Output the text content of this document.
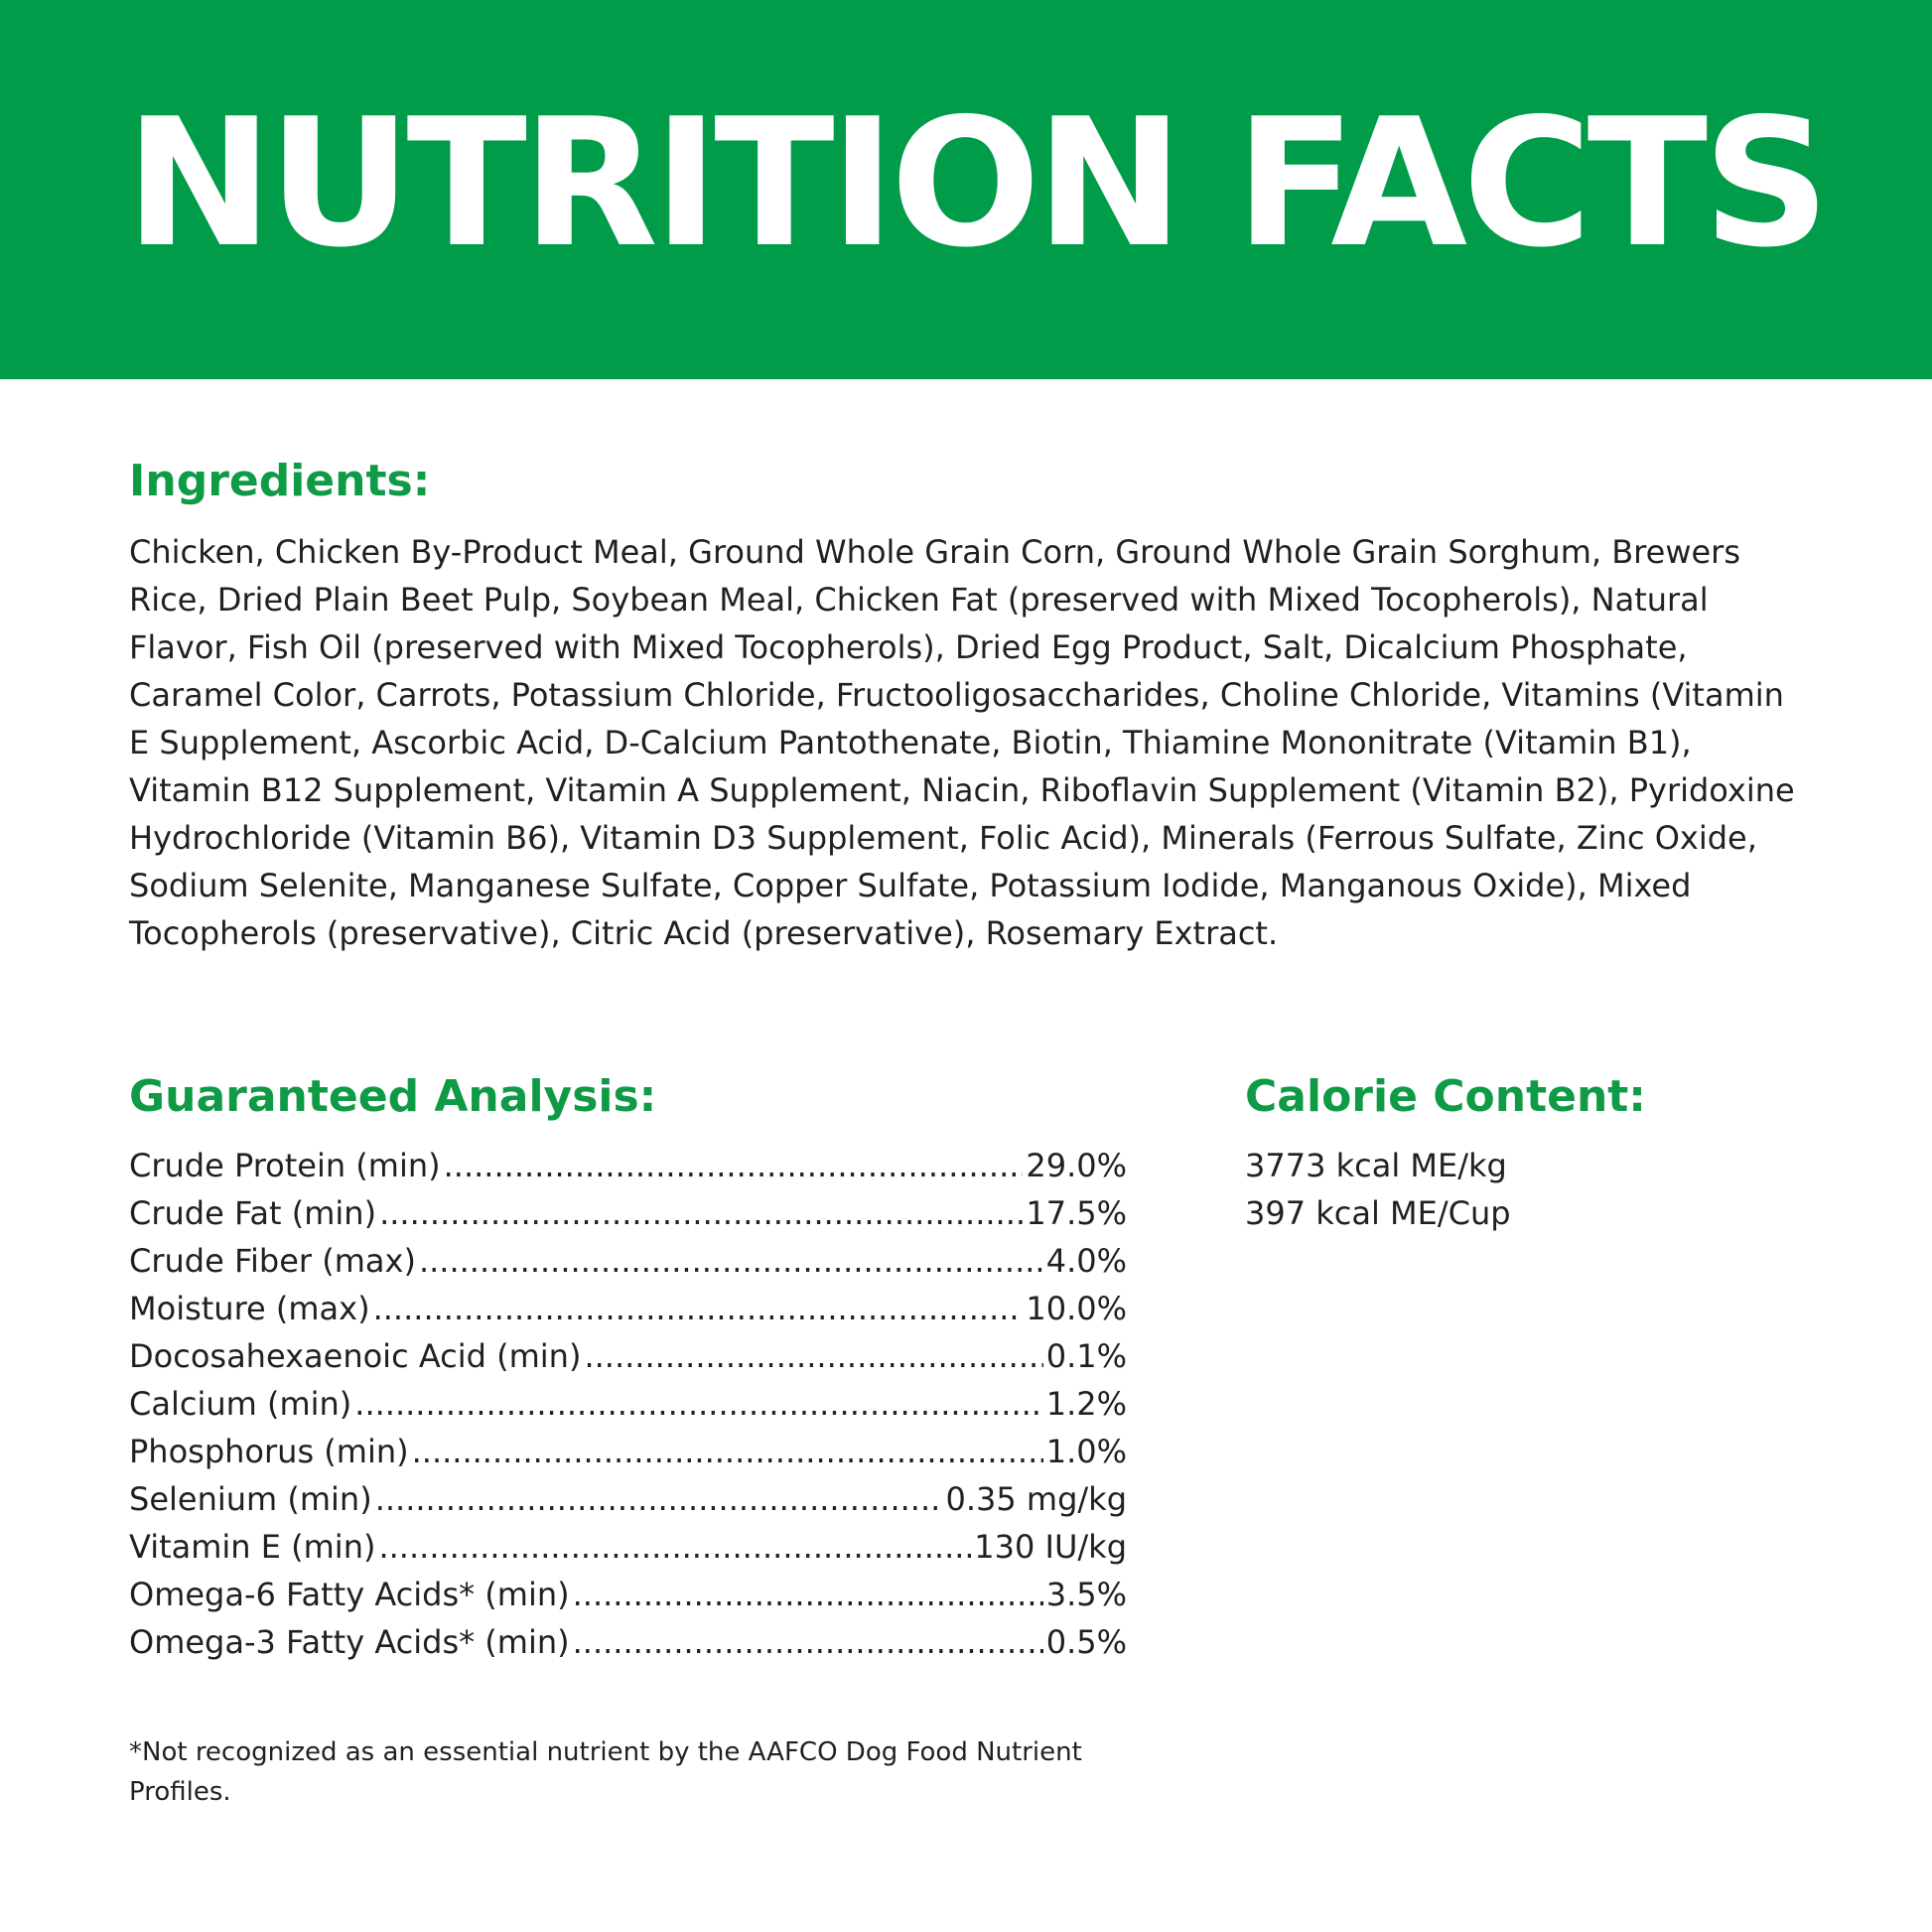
NUTRITION FACTS
Ingredients:

Chicken, Chicken By-Product Meal, Ground Whole Grain Corn, Ground Whole Grain Sorghum, Brewers Rice, Dried Plain Beet Pulp, Soybean Meal, Chicken Fat (preserved with Mixed Tocopherols), Natural Flavor, Fish Oil (preserved with Mixed Tocopherols), Dried Egg Product, Salt, Dicalcium Phosphate, Caramel Color, Carrots, Potassium Chloride, Fructooligosaccharides, Choline Chloride, Vitamins (Vitamin E Supplement, Ascorbic Acid, D-Calcium Pantothenate, Biotin, Thiamine Mononitrate (Vitamin B1), Vitamin B12 Supplement, Vitamin A Supplement, Niacin, Riboflavin Supplement (Vitamin B2), Pyridoxine Hydrochloride (Vitamin B6), Vitamin D3 Supplement, Folic Acid), Minerals (Ferrous Sulfate, Zinc Oxide, Sodium Selenite, Manganese Sulfate, Copper Sulfate, Potassium Iodide, Manganous Oxide), Mixed Tocopherols (preservative), Citric Acid (preservative), Rosemary Extract.

Guaranteed Analysis:
Crude Protein (min) .....	29.0%
Crude Fat (min) .....	17.5%
Crude Fiber (max) .....	4.0%
Moisture (max) .....	10.0%
Docosahexaenoic Acid (min) .....	0.1%
Calcium (min) .....	1.2%
Phosphorus (min) .....	1.0%
Selenium (min) .....	0.35 mg/kg
Vitamin E (min) .....	130 IU/kg
Omega-6 Fatty Acids* (min) .....	3.5%
Omega-3 Fatty Acids* (min) .....	0.5%
Calorie Content:
3773 kcal ME/kg
397 kcal ME/Cup

*Not recognized as an essential nutrient by the AAFCO Dog Food Nutrient Profiles.
